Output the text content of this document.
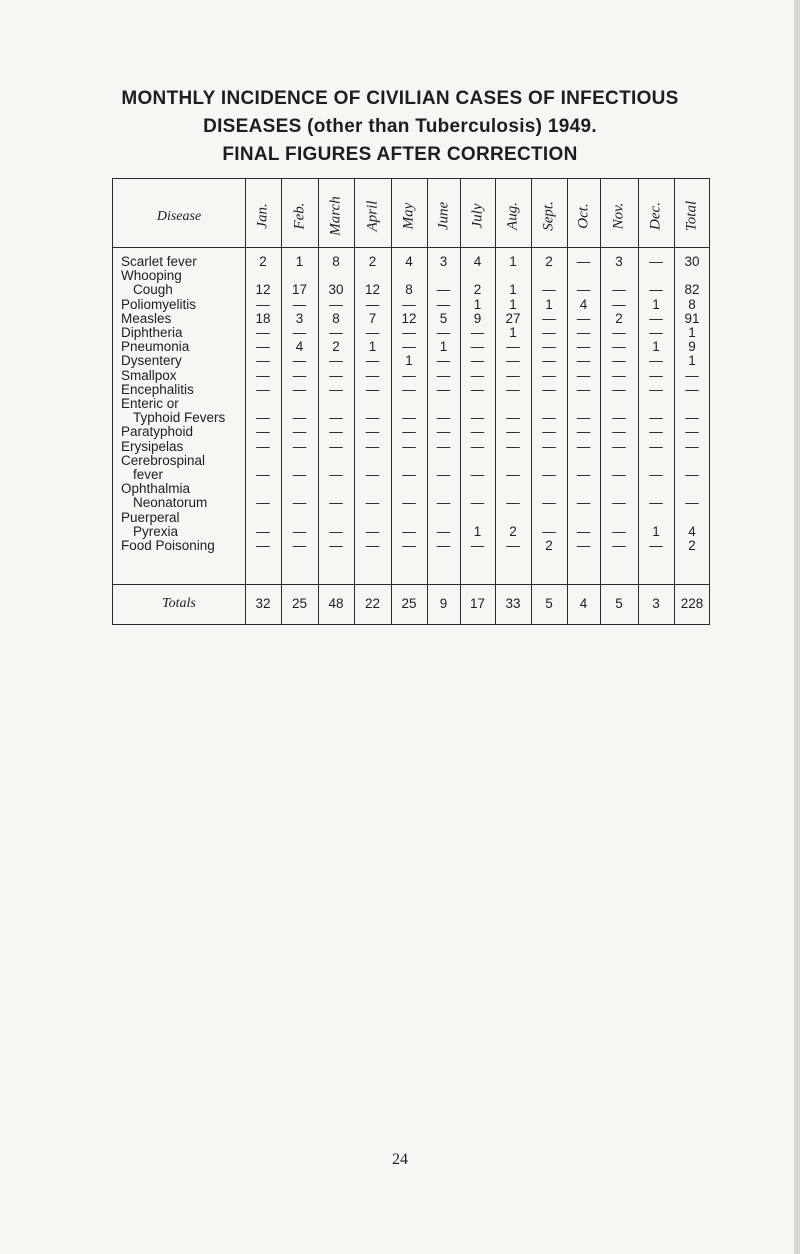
MONTHLY INCIDENCE OF CIVILIAN CASES OF INFECTIOUS
DISEASES (other than Tuberculosis) 1949.
FINAL FIGURES AFTER CORRECTION
Disease	Jan. Feb. March April May June July Aug. Sept. Oct. Nov. Dec. Total
Scarlet fever	2	1	8	2	4	3	4	1	2	—	3	—	30
Whooping
Cough	12	17	30	12	8	—	2	1	—	—	—	—	82
Poliomyelitis	—	—	—	—	—	—	1	1	1	4	—	1	8
Measles	18	3	8	7	12	5	9	27	—	—	2	—	91
Diphtheria	—	—	—	—	—	—	—	1	—	—	—	—	1
Pneumonia	—	4	2	1	—	1	—	—	—	—	—	1	9
Dysentery	—	—	—	—	1	—	—	—	—	—	—	—	1
Smallpox	—	—	—	—	—	—	—	—	—	—	—	—	—
Encephalitis	—	—	—	—	—	—	—	—	—	—	—	—	—
Enteric or
Typhoid Fevers	—	—	—	—	—	—	—	—	—	—	—	—	—
Paratyphoid	—	—	—	—	—	—	—	—	—	—	—	—	—
Erysipelas	—	—	—	—	—	—	—	—	—	—	—	—	—
Cerebrospinal
fever	—	—	—	—	—	—	—	—	—	—	—	—	—
Ophthalmia
Neonatorum	—	—	—	—	—	—	—	—	—	—	—	—	—
Puerperal
Pyrexia	—	—	—	—	—	—	1	2	—	—	—	1	4
Food Poisoning	—	—	—	—	—	—	—	—	2	—	—	—	2
Totals	32	25	48	22	25	9	17	33	5	4	5	3	228
24
